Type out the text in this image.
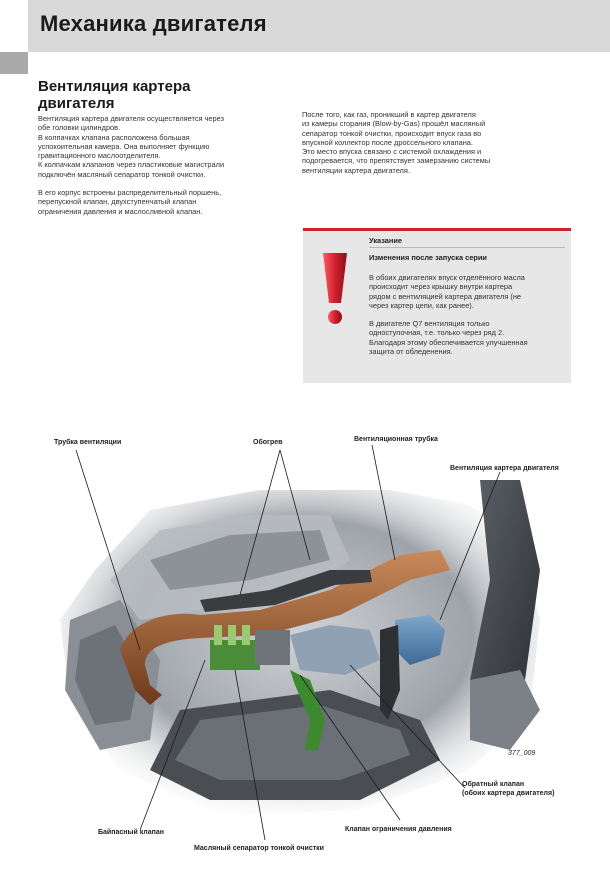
Механика двигателя
Вентиляция картера
двигателя

Вентиляция картера двигателя осуществляется через
обе головки цилиндров.
В колпачках клапана расположена большая
успокоительная камера. Она выполняет функцию
гравитационного маслоотделителя.
К колпачкам клапанов через пластиковые магистрали
подключён масляный сепаратор тонкой очистки.

В его корпус встроены распределительный поршень,
перепускной клапан, двухступенчатый клапан
ограничения давления и маслосливной клапан.

После того, как газ, проникший в картер двигателя
из камеры сгорания (Blow-by-Gas) прошёл масляный
сепаратор тонкой очистки, происходит впуск газа во
впускной коллектор после дроссельного клапана.
Это место впуска связано с системой охлаждения и
подогревается, что препятствует замерзанию системы
вентиляции картера двигателя.

Указание
Изменения после запуска серии

В обоих двигателях впуск отделённого масла
происходит через крышку внутри картера
рядом с вентиляцией картера двигателя (не
через картер цепи, как ранее).

В двигателе Q7 вентиляция только
одноступочная, т.е. только через ряд 2.
Благодаря этому обеспечивается улучшенная
защита от обледенения.

377_009
Трубка вентиляции	Обогрев	Вентиляционная трубка
Вентиляция картера двигателя
Обратный клапан
(обоих картера двигателя)
Клапан ограничения давления
Масляный сепаратор тонкой очистки
Байпасный клапан
